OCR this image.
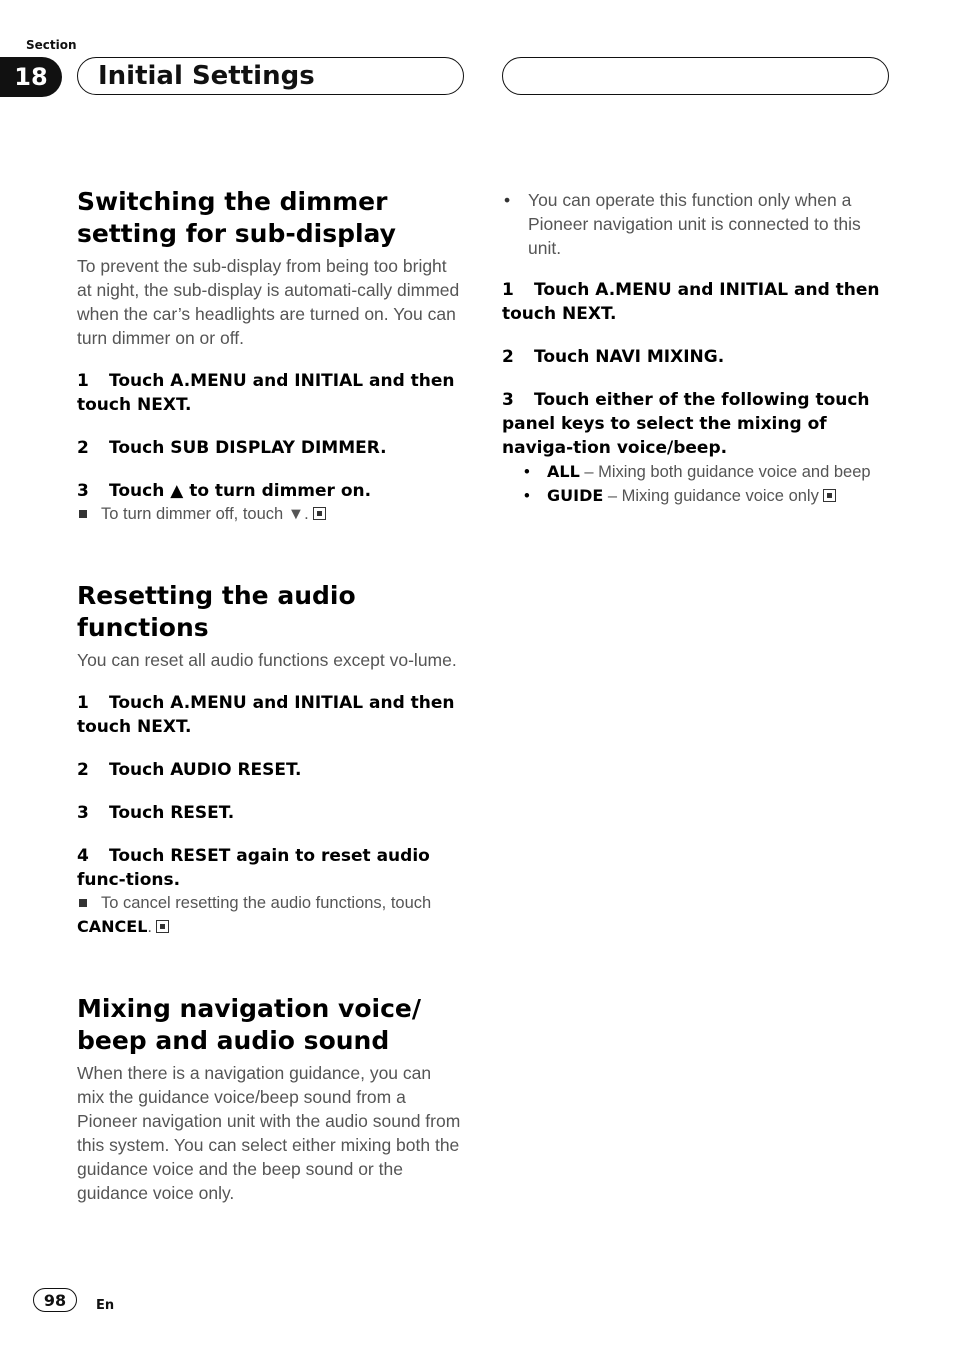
Section
18	Initial Settings
Switching the dimmer setting for sub-display

To prevent the sub-display from being too bright at night, the sub-display is automati-cally dimmed when the car’s headlights are turned on. You can turn dimmer on or off.

1 Touch A.MENU and INITIAL and then touch NEXT.

2 Touch SUB DISPLAY DIMMER.

3 Touch ▲ to turn dimmer on.

To turn dimmer off, touch ▼.

Resetting the audio functions

You can reset all audio functions except vo-lume.

1 Touch A.MENU and INITIAL and then touch NEXT.

2 Touch AUDIO RESET.

3 Touch RESET.

4 Touch RESET again to reset audio func-tions.

To cancel resetting the audio functions, touch
CANCEL.

Mixing navigation voice/ beep and audio sound

When there is a navigation guidance, you can mix the guidance voice/beep sound from a Pioneer navigation unit with the audio sound from this system. You can select either mixing both the guidance voice and the beep sound or the guidance voice only.

• You can operate this function only when a Pioneer navigation unit is connected to this unit.

1 Touch A.MENU and INITIAL and then touch NEXT.

2 Touch NAVI MIXING.

3 Touch either of the following touch panel keys to select the mixing of naviga-tion voice/beep.

• ALL – Mixing both guidance voice and beep

• GUIDE – Mixing guidance voice only

98	En
